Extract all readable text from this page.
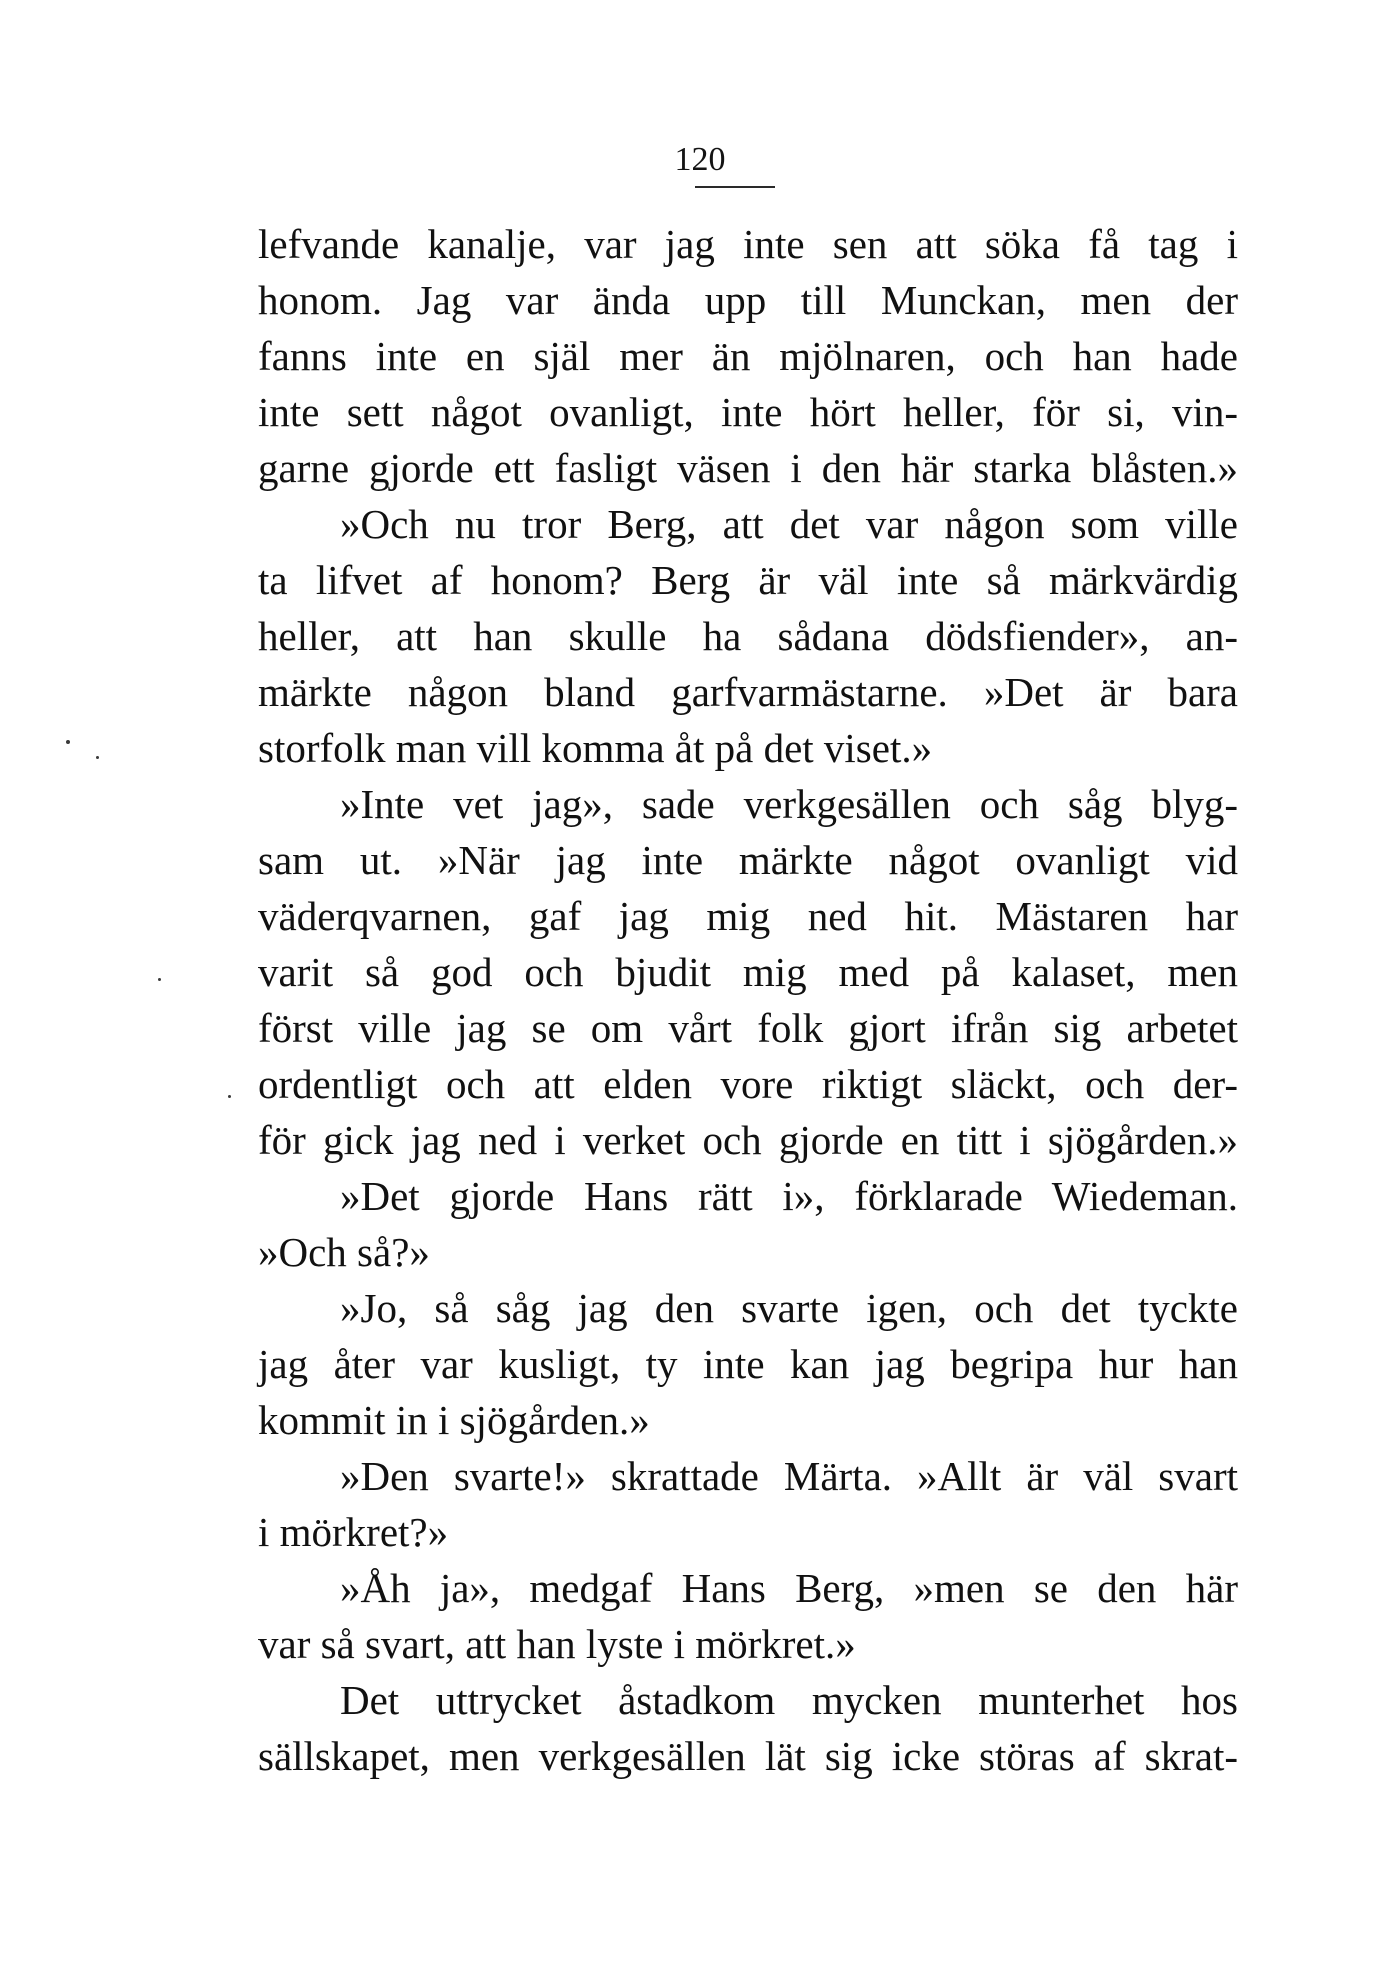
120
lefvande kanalje, var jag inte sen att söka få tag i
honom. Jag var ända upp till Munckan, men der
fanns inte en själ mer än mjölnaren, och han hade
inte sett något ovanligt, inte hört heller, för si, vin-
garne gjorde ett fasligt väsen i den här starka blåsten.»
»Och nu tror Berg, att det var någon som ville
ta lifvet af honom? Berg är väl inte så märkvärdig
heller, att han skulle ha sådana dödsfiender», an-
märkte någon bland garfvarmästarne. »Det är bara
storfolk man vill komma åt på det viset.»
»Inte vet jag», sade verkgesällen och såg blyg-
sam ut. »När jag inte märkte något ovanligt vid
väderqvarnen, gaf jag mig ned hit. Mästaren har
varit så god och bjudit mig med på kalaset, men
först ville jag se om vårt folk gjort ifrån sig arbetet
ordentligt och att elden vore riktigt släckt, och der-
för gick jag ned i verket och gjorde en titt i sjögården.»
»Det gjorde Hans rätt i», förklarade Wiedeman.
»Och så?»
»Jo, så såg jag den svarte igen, och det tyckte
jag åter var kusligt, ty inte kan jag begripa hur han
kommit in i sjögården.»
»Den svarte!» skrattade Märta. »Allt är väl svart
i mörkret?»
»Åh ja», medgaf Hans Berg, »men se den här
var så svart, att han lyste i mörkret.»
Det uttrycket åstadkom mycken munterhet hos
sällskapet, men verkgesällen lät sig icke störas af skrat-
